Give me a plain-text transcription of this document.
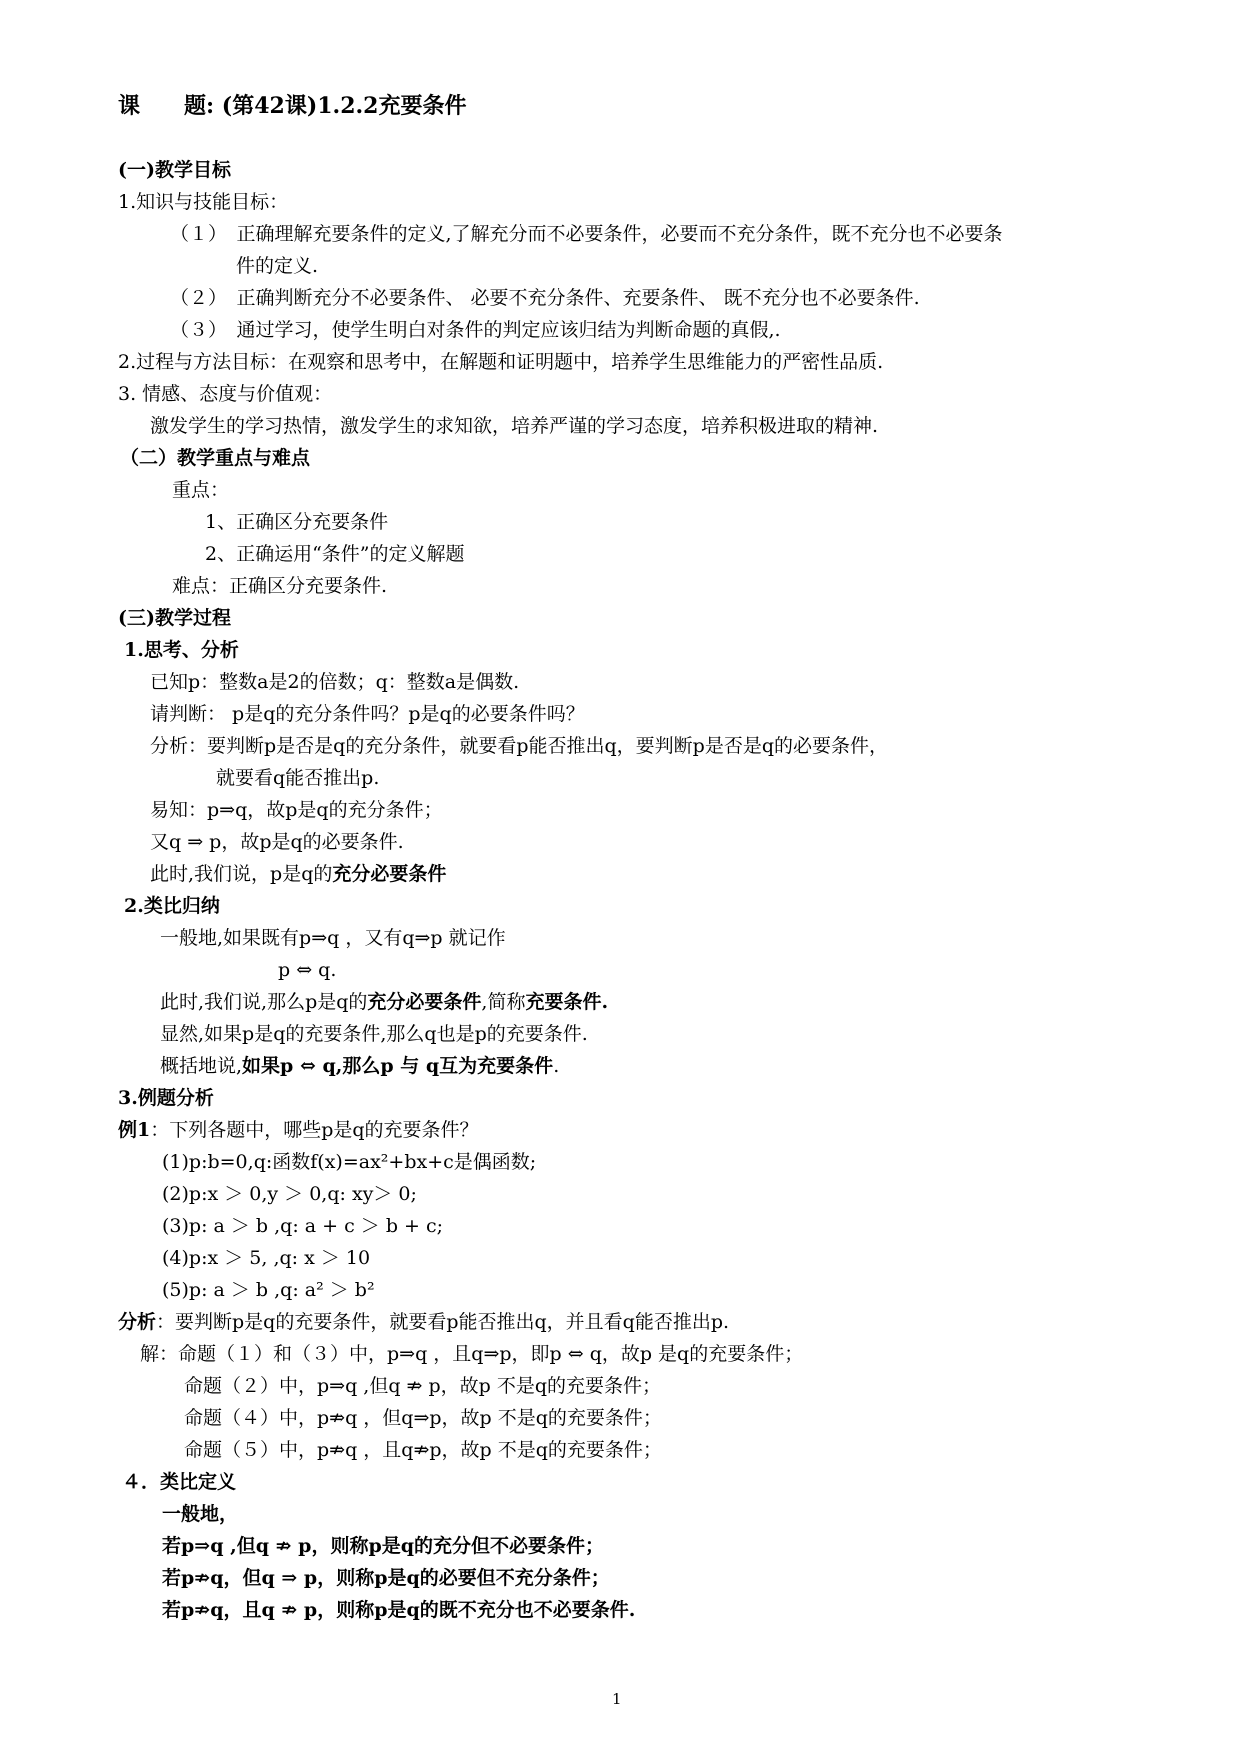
课　　题: (第42课)1.2.2充要条件
(一)教学目标
1.知识与技能目标：
（１）　正确理解充要条件的定义,了解充分而不必要条件，必要而不充分条件，既不充分也不必要条
件的定义.
（２）　正确判断充分不必要条件、 必要不充分条件、充要条件、 既不充分也不必要条件.
（３）　通过学习，使学生明白对条件的判定应该归结为判断命题的真假,.
2.过程与方法目标：在观察和思考中，在解题和证明题中，培养学生思维能力的严密性品质.
3. 情感、态度与价值观：
激发学生的学习热情，激发学生的求知欲，培养严谨的学习态度，培养积极进取的精神.
（二）教学重点与难点
重点：
1、正确区分充要条件
2、正确运用“条件”的定义解题
难点：正确区分充要条件.
(三)教学过程
1.思考、分析
已知p：整数a是2的倍数；q：整数a是偶数.
请判断： p是q的充分条件吗？p是q的必要条件吗？
分析：要判断p是否是q的充分条件，就要看p能否推出q，要判断p是否是q的必要条件，
就要看q能否推出p.
易知：p⇒q，故p是q的充分条件；
又q ⇒ p，故p是q的必要条件.
此时,我们说，p是q的充分必要条件
2.类比归纳
一般地,如果既有p⇒q ，又有q⇒p 就记作
p ⇔ q.
此时,我们说,那么p是q的充分必要条件,简称充要条件.
显然,如果p是q的充要条件,那么q也是p的充要条件.
概括地说,如果p ⇔ q,那么p 与 q互为充要条件.
3.例题分析
例1：下列各题中，哪些p是q的充要条件？
(1)p:b=0,q:函数f(x)=ax²+bx+c是偶函数;
(2)p:x ＞ 0,y ＞ 0,q: xy＞ 0;
(3)p: a ＞ b ,q: a + c ＞ b + c;
(4)p:x ＞ 5, ,q: x ＞ 10
(5)p: a ＞ b ,q: a² ＞ b²
分析：要判断p是q的充要条件，就要看p能否推出q，并且看q能否推出p.
解：命题（１）和（３）中，p⇒q ，且q⇒p，即p ⇔ q，故p 是q的充要条件；
命题（２）中，p⇒q ,但q ⇏ p，故p 不是q的充要条件；
命题（４）中，p⇏q ，但q⇒p，故p 不是q的充要条件；
命题（５）中，p⇏q ，且q⇏p，故p 不是q的充要条件；
４．类比定义
一般地，
若p⇒q ,但q ⇏ p，则称p是q的充分但不必要条件；
若p⇏q，但q ⇒ p，则称p是q的必要但不充分条件；
若p⇏q，且q ⇏ p，则称p是q的既不充分也不必要条件.
1
